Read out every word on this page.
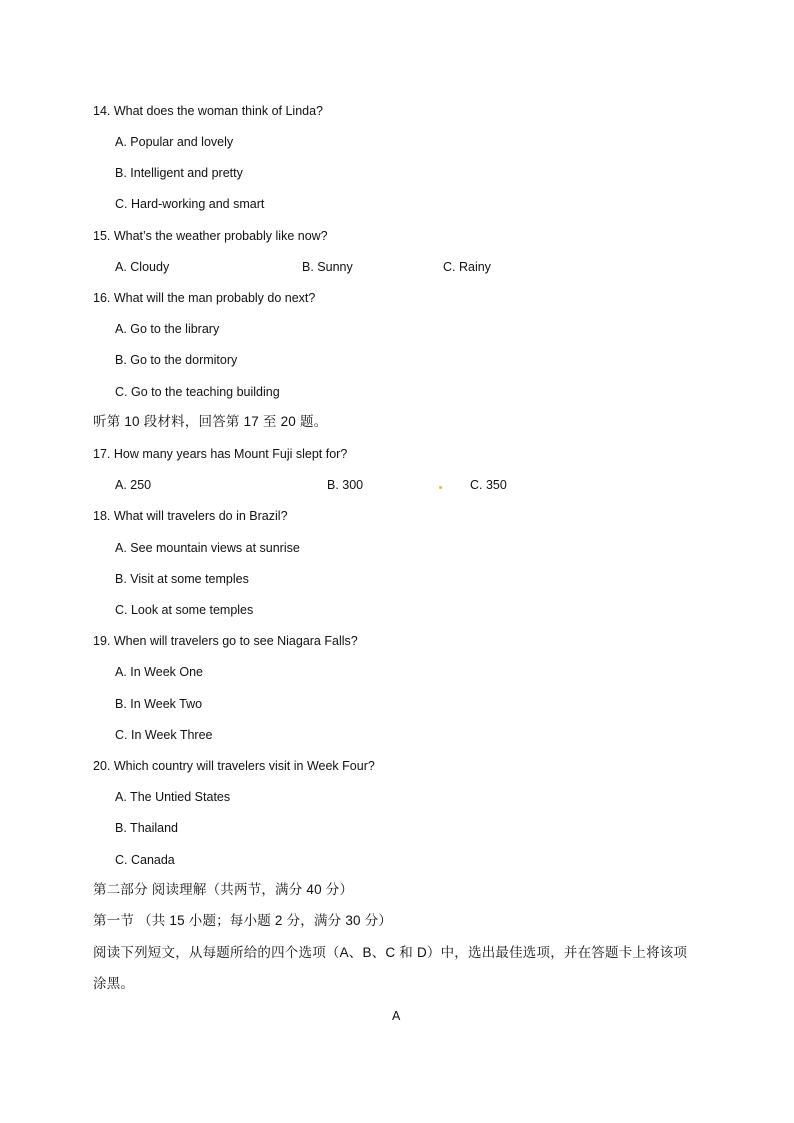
14. What does the woman think of Linda?
A. Popular and lovely
B. Intelligent and pretty
C. Hard-working and smart
15. What’s the weather probably like now?
A. Cloudy	B. Sunny	C. Rainy
16. What will the man probably do next?
A. Go to the library
B. Go to the dormitory
C. Go to the teaching building
听第 10 段材料，回答第 17 至 20 题。
17. How many years has Mount Fuji slept for?
A. 250	B. 300	C. 350
18. What will travelers do in Brazil?
A. See mountain views at sunrise
B. Visit at some temples
C. Look at some temples
19. When will travelers go to see Niagara Falls?
A. In Week One
B. In Week Two
C. In Week Three
20. Which country will travelers visit in Week Four?
A. The Untied States
B. Thailand
C. Canada
第二部分 阅读理解（共两节，满分 40 分）
第一节 （共 15 小题；每小题 2 分，满分 30 分）
阅读下列短文，从每题所给的四个选项（A、B、C 和 D）中，选出最佳选项，并在答题卡上将该项
涂黑。
A
